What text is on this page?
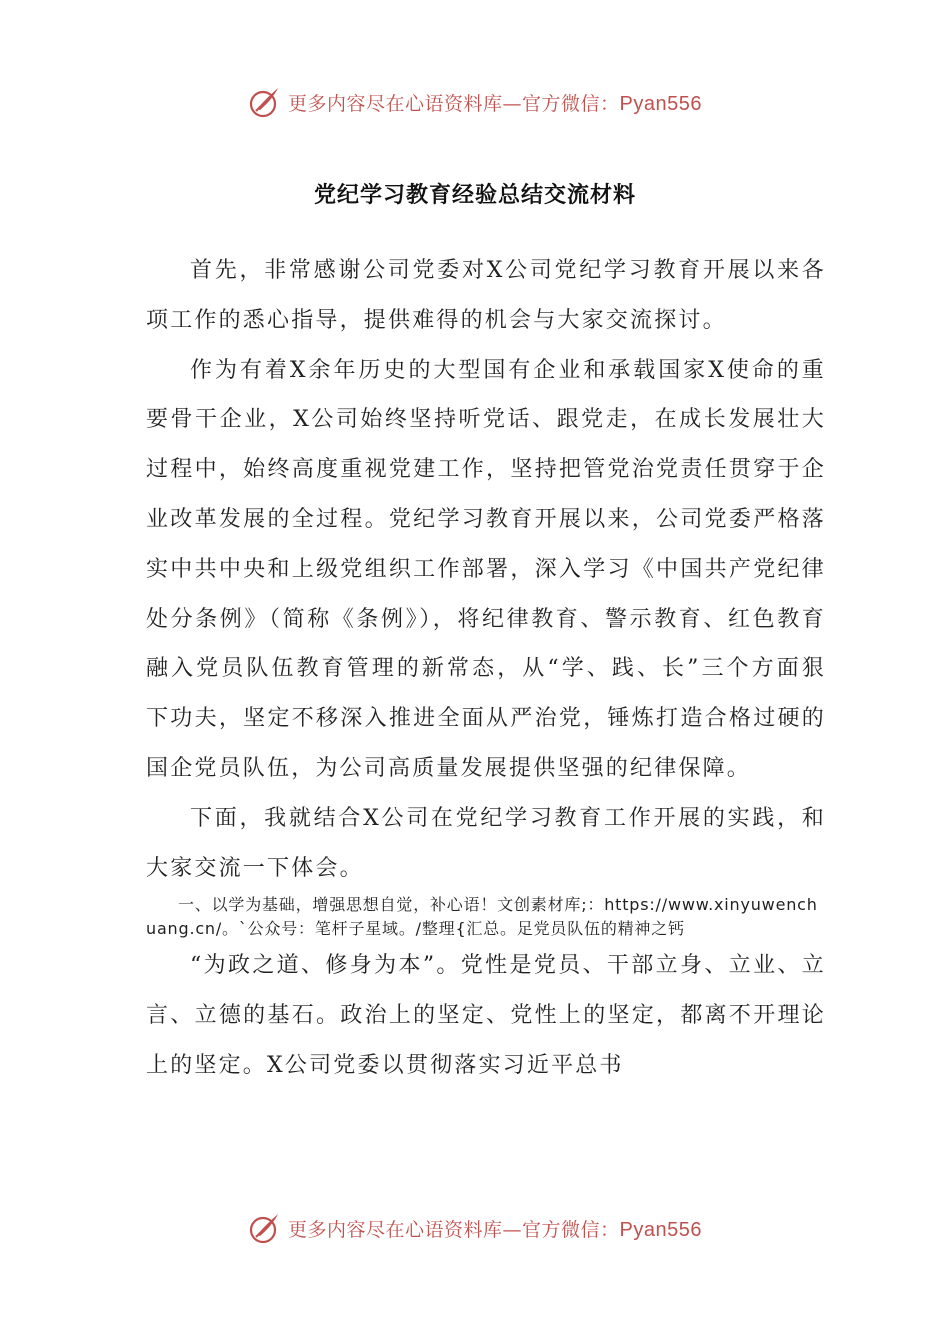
更多内容尽在心语资料库—官方微信：Pyan556
党纪学习教育经验总结交流材料

首先，非常感谢公司党委对X公司党纪学习教育开展以来各项工作的悉心指导，提供难得的机会与大家交流探讨。

作为有着X余年历史的大型国有企业和承载国家X使命的重要骨干企业，X公司始终坚持听党话、跟党走，在成长发展壮大过程中，始终高度重视党建工作，坚持把管党治党责任贯穿于企业改革发展的全过程。党纪学习教育开展以来，公司党委严格落实中共中央和上级党组织工作部署，深入学习《中国共产党纪律处分条例》（简称《条例》），将纪律教育、警示教育、红色教育融入党员队伍教育管理的新常态，从“学、践、长”三个方面狠下功夫，坚定不移深入推进全面从严治党，锤炼打造合格过硬的国企党员队伍，为公司高质量发展提供坚强的纪律保障。

下面，我就结合X公司在党纪学习教育工作开展的实践，和大家交流一下体会。

一、以学为基础，增强思想自觉，补心语！文创素材库;：https://www.xinyuwenchuang.cn/。`公众号：笔杆子星域。/整理{汇总。足党员队伍的精神之钙

“为政之道、修身为本”。党性是党员、干部立身、立业、立言、立德的基石。政治上的坚定、党性上的坚定，都离不开理论上的坚定。X公司党委以贯彻落实习近平总书

更多内容尽在心语资料库—官方微信：Pyan556
